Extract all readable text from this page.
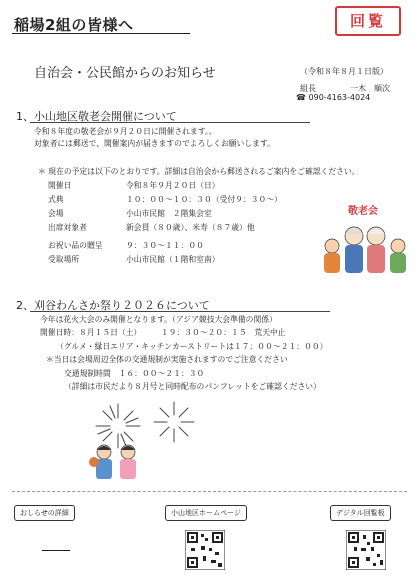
稲場2組の皆様へ	回覧
自治会・公民館からのお知らせ	（令和８年８月１日版）
組長	一木　順次
☎ 090-4163-4024
1、小山地区敬老会開催について
令和８年度の敬老会が９月２０日に開催されます。。
対象者には郵送で、開催案内が届きますのでよろしくお願いします。
＊ 現在の予定は以下のとおりです。詳細は自治会から郵送されるご案内をご確認ください。
開催日	令和８年９月２０日（日）
式典	１０：００～１０：３０（受付９：３０～）
会場	小山市民館　２階集会室
出席対象者	新会員（８０歳）、米寿（８７歳）他
お祝い品の贈呈	９：３０～１１：００
受取場所	小山市民館（１階和室南）
敬老会
2、刈谷わんさか祭り２０２６について
今年は花火大会のみ開催となります。（アジア競技大会準備の関係）
開催日時：８月１５日（土）　　　１９：３０～２０：１５　荒天中止
（グルメ・縁日エリア・キッチンカーストリートは１７：００～２１：００）
＊当日は会場周辺全体の交通規制が実施されますのでご注意ください
交通規制時間　１６：００～２１：３０
（詳細は市民だより８月号と同時配布のパンフレットをご確認ください）
おしらせの詳細	小山地区ホームページ	デジタル回覧板
